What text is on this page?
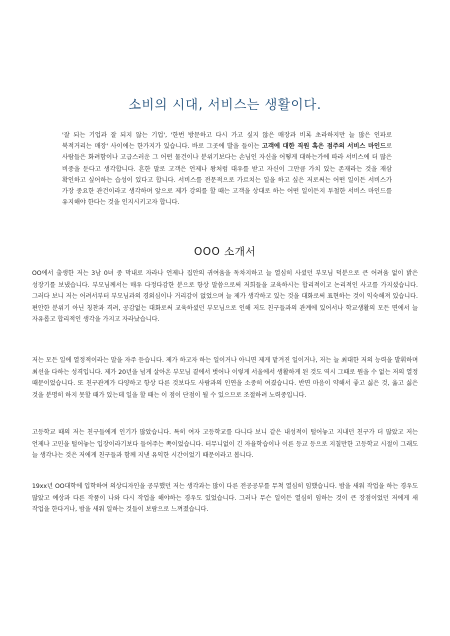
소비의 시대, 서비스는 생활이다.

'잘 되는 기업과 잘 되지 않는 기업', '한번 방문하고 다시 가고 싶지 않은 매장과 비록 초라하지만 늘 많은 인파로 북적거리는 매장' 사이에는 한가지가 있습니다. 바로 그곳에 발을 들이는 고객에 대한 직원 혹은 점주의 서비스 마인드로 사람들은 화려함이나 고급스러운 그 어떤 물건이나 분위기보다는 손님인 자신을 어떻게 대하는가에 따라 서비스에 더 많은 비중을 둔다고 생각합니다. 흔한 말로 고객은 언제나 왕처럼 대우를 받고 자신이 그만큼 가치 있는 존재라는 것을 재삼 확인하고 싶어하는 습성이 있다고 합니다. 서비스를 전문적으로 가르치는 일을 하고 싶은 저로써는 어떤 일이든 서비스가 가장 중요한 관건이라고 생각하며 앞으로 제가 강의를 할 때는 고객을 상대로 하는 어떤 일이든지 투철한 서비스 마인드를 유지해야 한다는 것을 인지시키고자 합니다.

OOO 소개서

OO에서 출생한 저는 3남 0녀 중 막내로 자라나 언제나 집안의 귀여움을 독차지하고 늘 열심히 사셨던 부모님 덕분으로 큰 어려움 없이 밝은 성장기를 보냈습니다. 부모님께서는 매우 다정다감한 분으로 항상 말씀으로써 저희들을 교육하시는 합리적이고 논리적인 사고를 가지셨습니다. 그러다 보니 저는 어려서부터 부모님과의 경외심이나 거리감이 없었으며 늘 제가 생각하고 있는 것을 대화로써 표현하는 것이 익숙해져 있습니다. 편안한 분위기 아닌 칭찬과 격려, 공감없는 대화로써 교육하셨던 부모님으로 인해 저도 친구들과의 관계에 있어서나 학교생활의 모든 면에서 늘 자유롭고 합리적인 생각을 가지고 자라났습니다.

저는 모든 일에 열정적이라는 말을 자주 듣습니다. 제가 하고자 하는 일이거나 아니면 제게 맡겨진 일이거나, 저는 늘 최대한 저의 능력을 발휘하며 최선을 다하는 성격입니다. 제가 20년을 넘게 살아온 부모님 곁에서 벗어나 이렇게 서울에서 생활하게 된 것도 역시 그때로 뭔을 수 없는 저의 열정 때문이었습니다. 또 친구관계가 다양하고 항상 다른 것보다도 사람과의 인연을 소중히 여겼습니다. 반면 마음이 약해서 좋고 싫은 것, 옳고 싫은 것을 분명히 하지 못할 때가 있는데 일을 할 때는 이 점이 단점이 될 수 있으므로 조절하려 노력중입니다.

고등학교 때의 저는 친구들에게 인기가 많았습니다. 특히 여자 고등학교를 다니다 보니 같은 내성적이 털어놓고 지내던 친구가 더 많았고 저는 언제나 고민을 털어놓는 입장이라기보다 들어주는 쪽이었습니다. 터무니없이 긴 자율학습이나 이른 등교 등으로 지칠만한 고등학교 시절이 그래도 늘 생각나는 것은 저에게 친구들과 함께 지낸 유익한 시간이었기 때문이라고 봅니다.

19xx년 OO대학에 입학하여 의상디자인을 공부했던 저는 생각과는 많이 다른 전공공부를 무척 열심히 임했습니다. 밤을 새워 작업을 하는 경우도 많았고 예상과 다른 작품이 나와 다시 작업을 해야하는 경우도 있었습니다. 그러나 무슨 일이든 열심히 임하는 것이 큰 장점이었던 저에게 새 작업을 한다거나, 밤을 새워 일하는 것들이 보람으로 느껴졌습니다.
